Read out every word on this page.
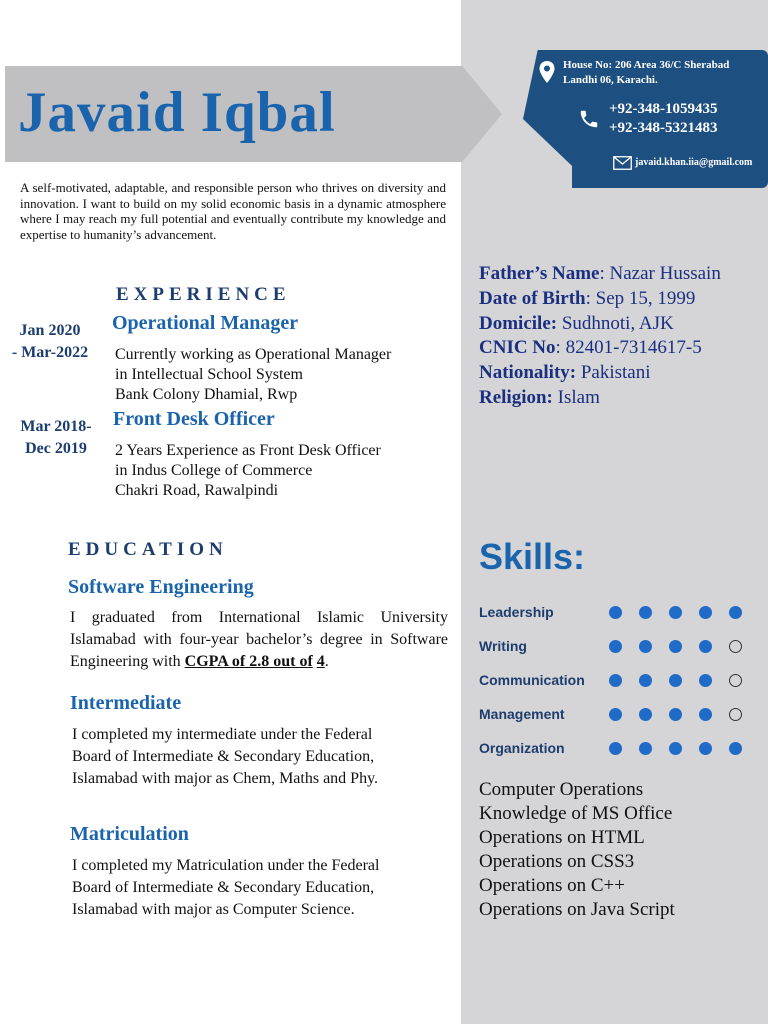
Javaid Iqbal
House No: 206 Area 36/C Sherabad Landhi 06, Karachi.
+92-348-1059435
+92-348-5321483
javaid.khan.iia@gmail.com
A self-motivated, adaptable, and responsible person who thrives on diversity and innovation. I want to build on my solid economic basis in a dynamic atmosphere where I may reach my full potential and eventually contribute my knowledge and expertise to humanity’s advancement.
EXPERIENCE
Jan 2020
- Mar-2022
Operational Manager
Currently working as Operational Manager
in Intellectual School System
Bank Colony Dhamial, Rwp
Mar 2018-
Dec 2019
Front Desk Officer
2 Years Experience as Front Desk Officer
in Indus College of Commerce
Chakri Road, Rawalpindi
EDUCATION
Software Engineering
I graduated from International Islamic University Islamabad with four-year bachelor’s degree in Software Engineering with CGPA of 2.8 out of 4.
Intermediate
I completed my intermediate under the Federal
Board of Intermediate & Secondary Education,
Islamabad with major as Chem, Maths and Phy.
Matriculation
I completed my Matriculation under the Federal
Board of Intermediate & Secondary Education,
Islamabad with major as Computer Science.
Father’s Name: Nazar Hussain
Date of Birth: Sep 15, 1999
Domicile: Sudhnoti, AJK
CNIC No: 82401-7314617-5
Nationality: Pakistani
Religion: Islam
Skills:
Leadership
Writing
Communication
Management
Organization
Computer Operations
Knowledge of MS Office
Operations on HTML
Operations on CSS3
Operations on C++
Operations on Java Script
